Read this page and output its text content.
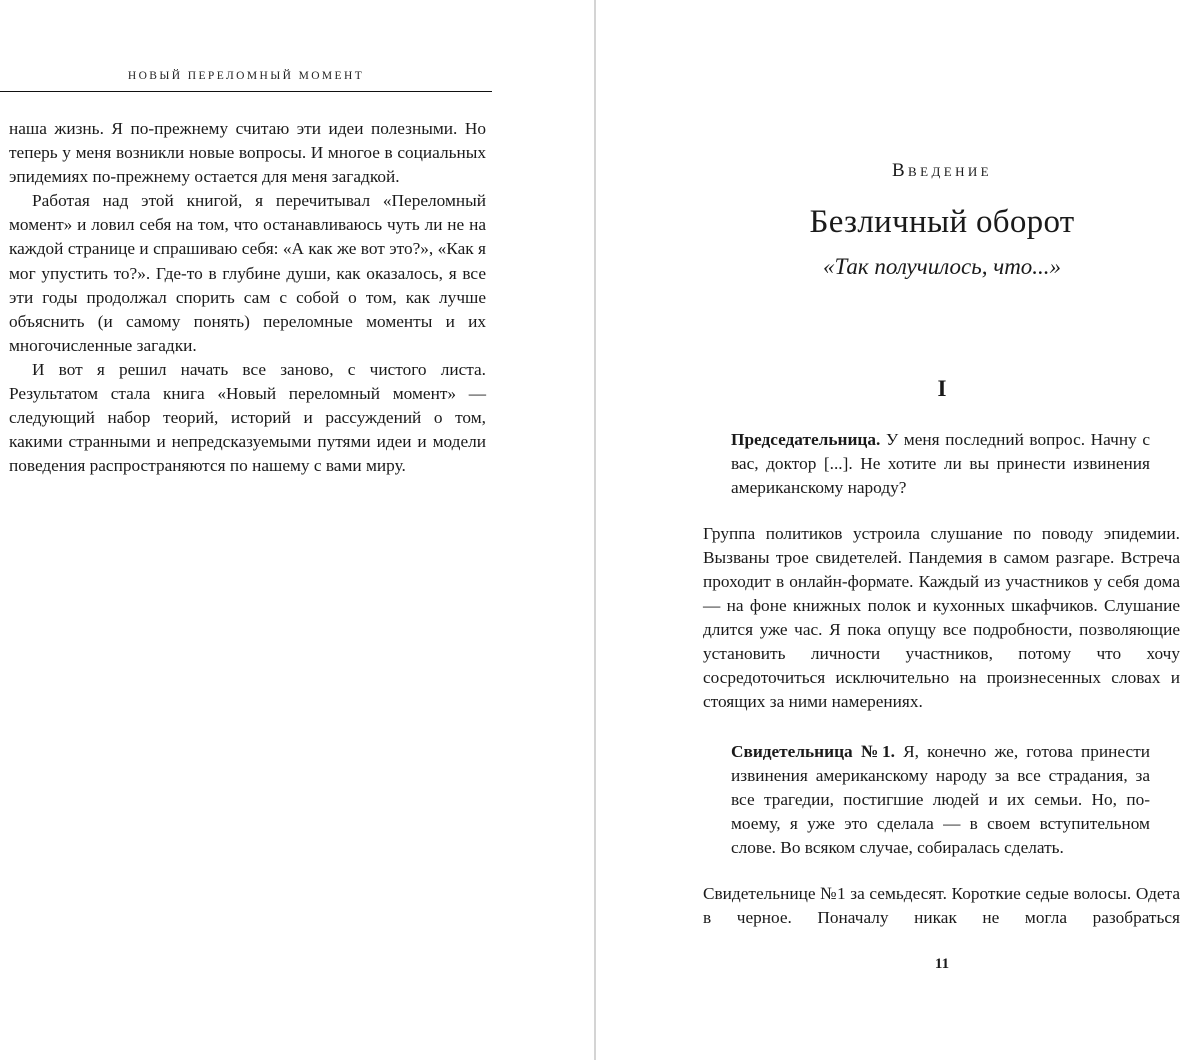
НОВЫЙ ПЕРЕЛОМНЫЙ МОМЕНТ

наша жизнь. Я по-прежнему считаю эти идеи полезными. Но теперь у меня возникли новые вопросы. И многое в социальных эпидемиях по-прежнему остается для меня загадкой.

Работая над этой книгой, я перечитывал «Переломный момент» и ловил себя на том, что останавливаюсь чуть ли не на каждой странице и спрашиваю себя: «А как же вот это?», «Как я мог упустить то?». Где-то в глубине души, как оказалось, я все эти годы продолжал спорить сам с собой о том, как лучше объяснить (и самому понять) переломные моменты и их многочисленные загадки.

И вот я решил начать все заново, с чистого листа. Результатом стала книга «Новый переломный момент» — следующий набор теорий, историй и рассуждений о том, какими странными и непредсказуемыми путями идеи и модели поведения распространяются по нашему с вами миру.

Введение
Безличный оборот
«Так получилось, что...»
I
Председательница. У меня последний вопрос. Начну с вас, доктор [...]. Не хотите ли вы принести извинения американскому народу?
Группа политиков устроила слушание по поводу эпидемии. Вызваны трое свидетелей. Пандемия в самом разгаре. Встреча проходит в онлайн-формате. Каждый из участников у себя дома — на фоне книжных полок и кухонных шкафчиков. Слушание длится уже час. Я пока опущу все подробности, позволяющие установить личности участников, потому что хочу сосредоточиться исключительно на произнесенных словах и стоящих за ними намерениях.
Свидетельница №1. Я, конечно же, готова принести извинения американскому народу за все страдания, за все трагедии, постигшие людей и их семьи. Но, по-моему, я уже это сделала — в своем вступительном слове. Во всяком случае, собиралась сделать.
Свидетельнице №1 за семьдесят. Короткие седые волосы. Одета в черное. Поначалу никак не могла разобраться
11
